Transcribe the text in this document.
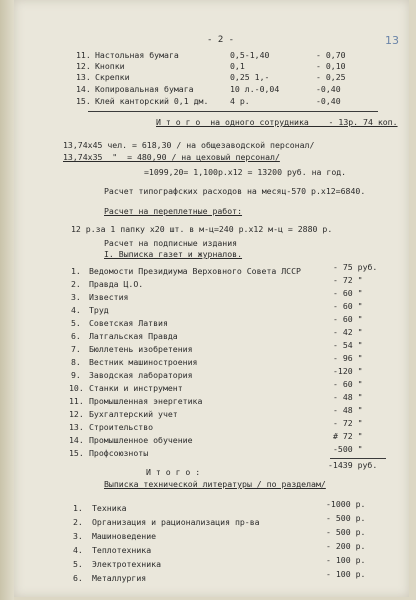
13
- 2 -
11. Настольная бумага	0,5-1,40	- 0,70
12. Кнопки	0,1	- 0,10
13. Скрепки	0,25 1,-	- 0,25
14. Копировальная бумага	10 л.-0,04	-0,40
15. Клей канторский 0,1 дм.	4 р.	-0,40
И т о г о  на одного сотрудника    - 13р. 74 коп.
13,74х45 чел. = 618,30 / на общезаводской персонал/
13,74х35  "  = 480,90 / на цеховый персонал/
=1099,20= 1,100р.х12 = 13200 руб. на год.
Расчет типографских расходов на месяц-570 р.х12=6840.
Расчет на переплетные работ:
12 р.за 1 папку х20 шт. в м-ц=240 р.х12 м-ц = 2880 р.
Расчет на подписные издания
I. Выписка газет и журналов.
1. Ведомости Президиума Верховного Совета ЛССР	- 75 руб.
2. Правда Ц.О.	- 72 "
3. Известия	- 60 "
4. Труд	- 60 "
5. Советская Латвия	- 60 "
6. Латгальская Правда	- 42 "
7. Бюллетень изобретения	- 54 "
8. Вестник машиностроения	- 96 "
9. Заводская лаборатория	-120 "
10. Станки и инструмент	- 60 "
11. Промышленная энергетика	- 48 "
12. Бухгалтерский учет	- 48 "
13. Строительство	- 72 "
14. Промышленное обучение	# 72 "
15. Профсоюзноты	-500 "
-1439 руб.
И т о г о :
Выписка технической литературы / по разделам/
1. Техника	-1000 р.
2. Организация и рационализация пр-ва	- 500 р.
3. Машиноведение	- 500 р.
4. Теплотехника	- 200 р.
5. Электротехника	- 100 р.
6. Металлургия	- 100 р.
